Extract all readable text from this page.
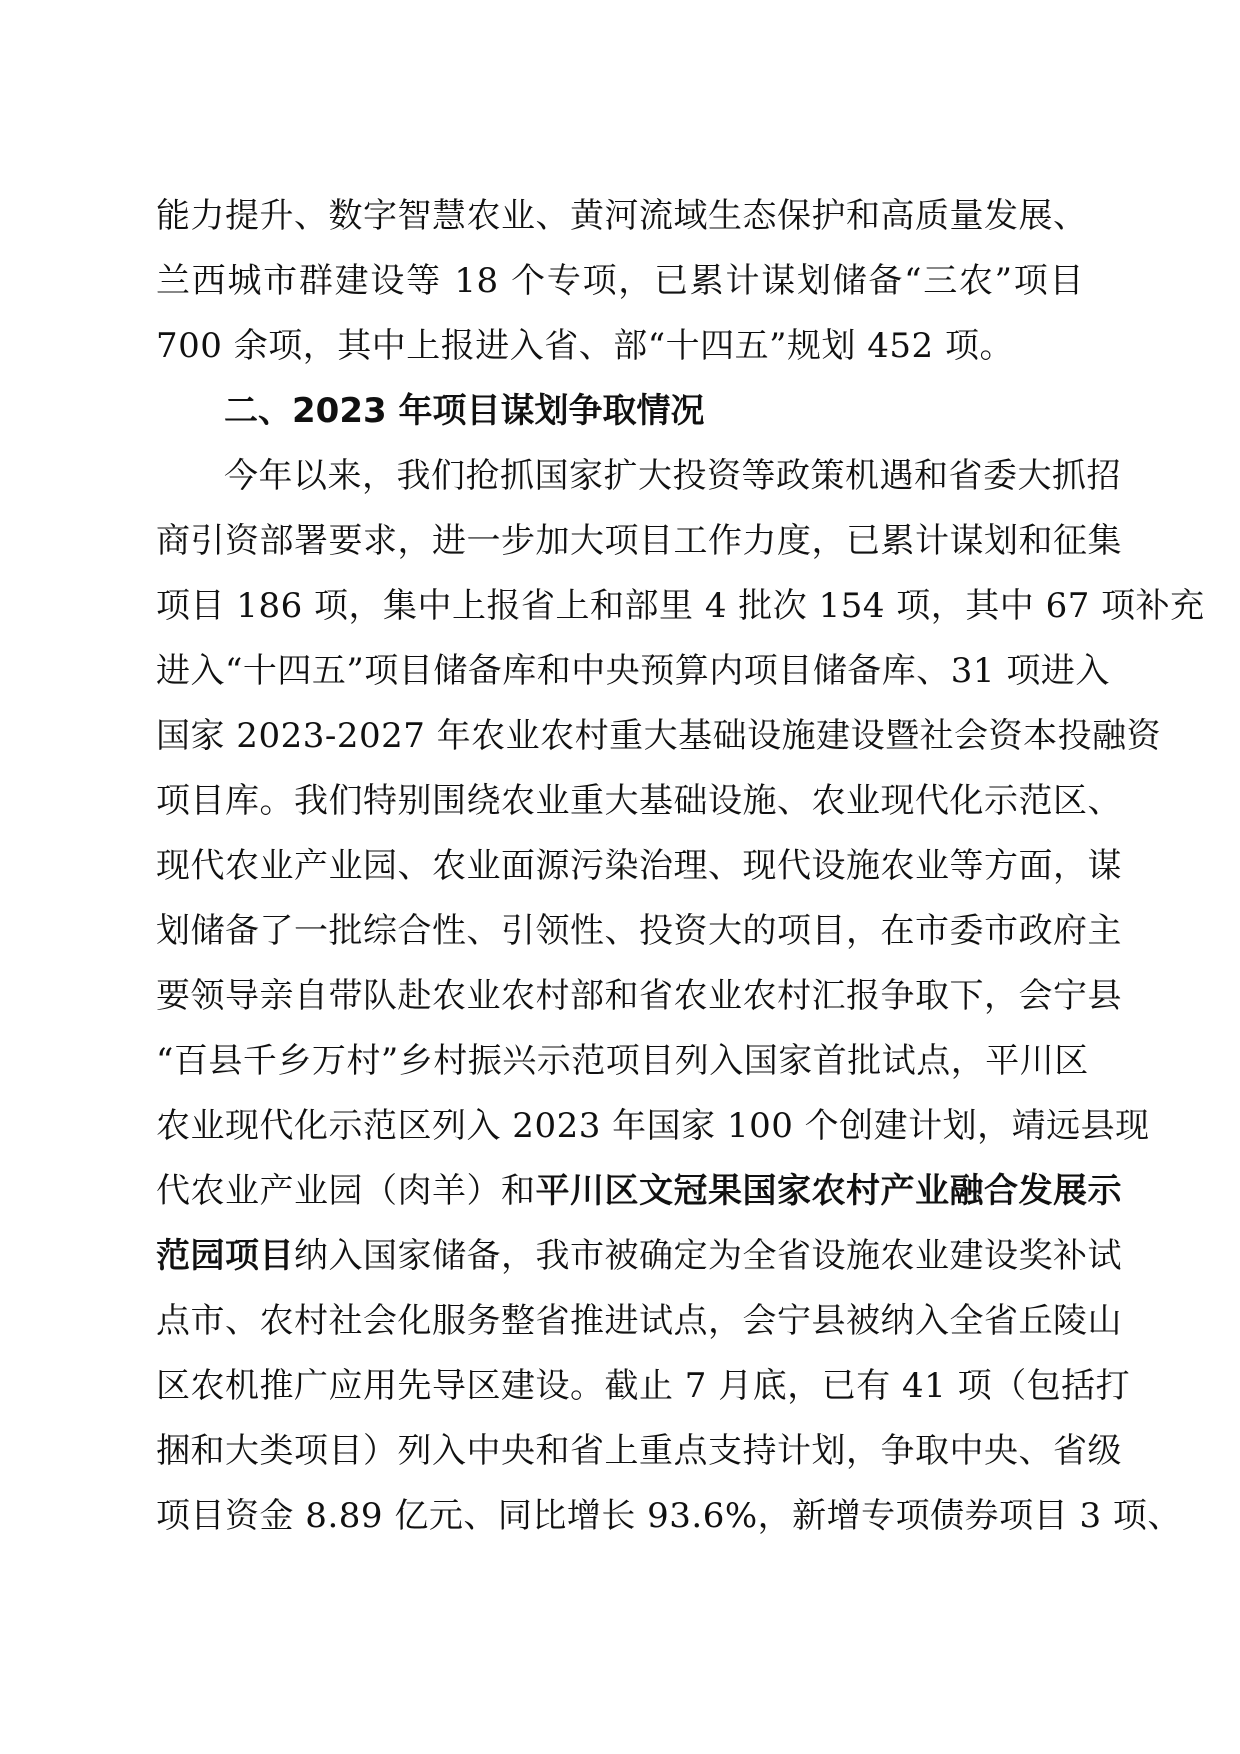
能力提升、数字智慧农业、黄河流域生态保护和高质量发展、
兰西城市群建设等 18 个专项，已累计谋划储备“三农”项目
700 余项，其中上报进入省、部“十四五”规划 452 项。
二、2023 年项目谋划争取情况
今年以来，我们抢抓国家扩大投资等政策机遇和省委大抓招
商引资部署要求，进一步加大项目工作力度，已累计谋划和征集
项目 186 项，集中上报省上和部里 4 批次 154 项，其中 67 项补充
进入“十四五”项目储备库和中央预算内项目储备库、31 项进入
国家 2023-2027 年农业农村重大基础设施建设暨社会资本投融资
项目库。我们特别围绕农业重大基础设施、农业现代化示范区、
现代农业产业园、农业面源污染治理、现代设施农业等方面，谋
划储备了一批综合性、引领性、投资大的项目，在市委市政府主
要领导亲自带队赴农业农村部和省农业农村汇报争取下，会宁县
“百县千乡万村”乡村振兴示范项目列入国家首批试点，平川区
农业现代化示范区列入 2023 年国家 100 个创建计划，靖远县现
代农业产业园（肉羊）和平川区文冠果国家农村产业融合发展示
范园项目纳入国家储备，我市被确定为全省设施农业建设奖补试
点市、农村社会化服务整省推进试点，会宁县被纳入全省丘陵山
区农机推广应用先导区建设。截止 7 月底，已有 41 项（包括打
捆和大类项目）列入中央和省上重点支持计划，争取中央、省级
项目资金 8.89 亿元、同比增长 93.6%，新增专项债券项目 3 项、
